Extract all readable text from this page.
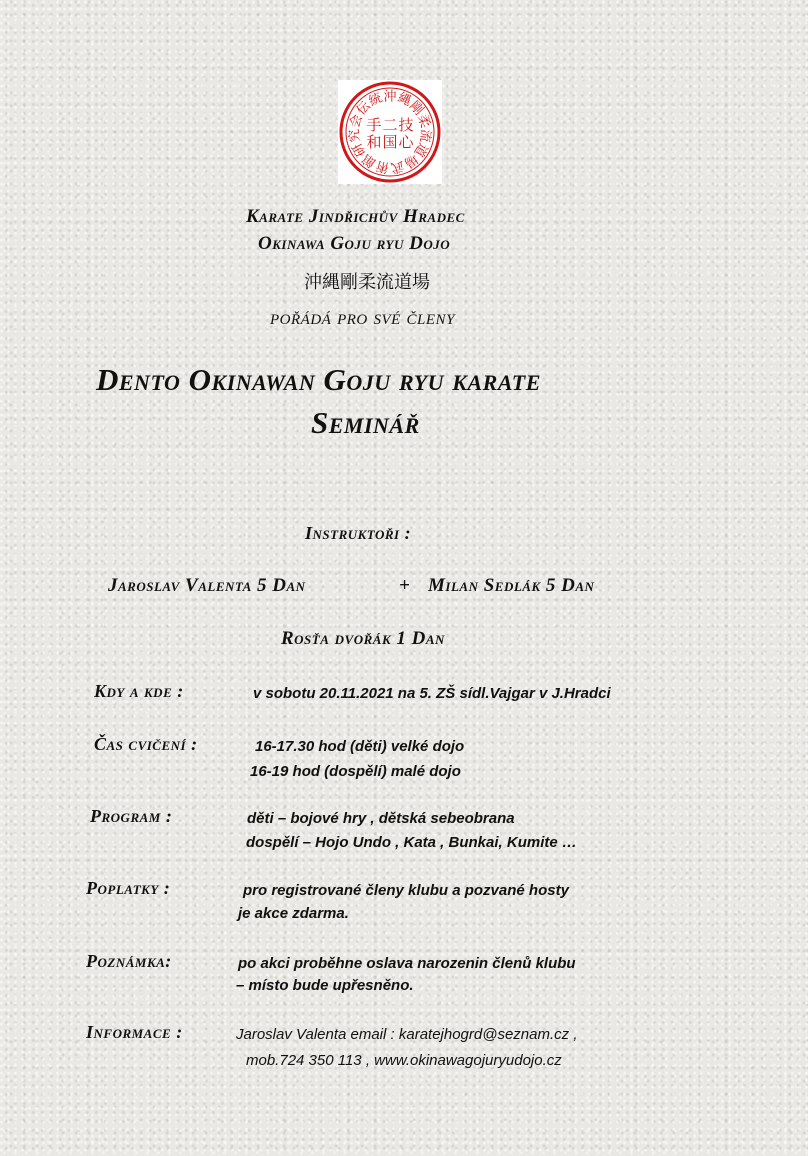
沖
縄
剛
柔
流
道
場
武
術
館
研
究
会
伝
統
手 二 技
和 国 心
Karate Jindřichův Hradec
Okinawa Goju ryu Dojo
沖縄剛柔流道場
pořádá pro své členy
Dento Okinawan Goju ryu karate
Seminář
Instruktoři :
Jaroslav Valenta 5 Dan	+ Milan Sedlák 5 Dan
Rosťa dvořák 1 Dan
Kdy a kde :	v sobotu 20.11.2021 na 5. ZŠ sídl.Vajgar v J.Hradci
Čas cvičení :	16-17.30 hod (děti) velké dojo
16-19 hod (dospělí) malé dojo
Program :	děti – bojové hry , dětská sebeobrana
dospělí – Hojo Undo , Kata , Bunkai, Kumite …
Poplatky :	pro registrované členy klubu a pozvané hosty
je akce zdarma.
Poznámka:	po akci proběhne oslava narozenin členů klubu
– místo bude upřesněno.
Informace :	Jaroslav Valenta email : karatejhogrd@seznam.cz ,
mob.724 350 113 , www.okinawagojuryudojo.cz
